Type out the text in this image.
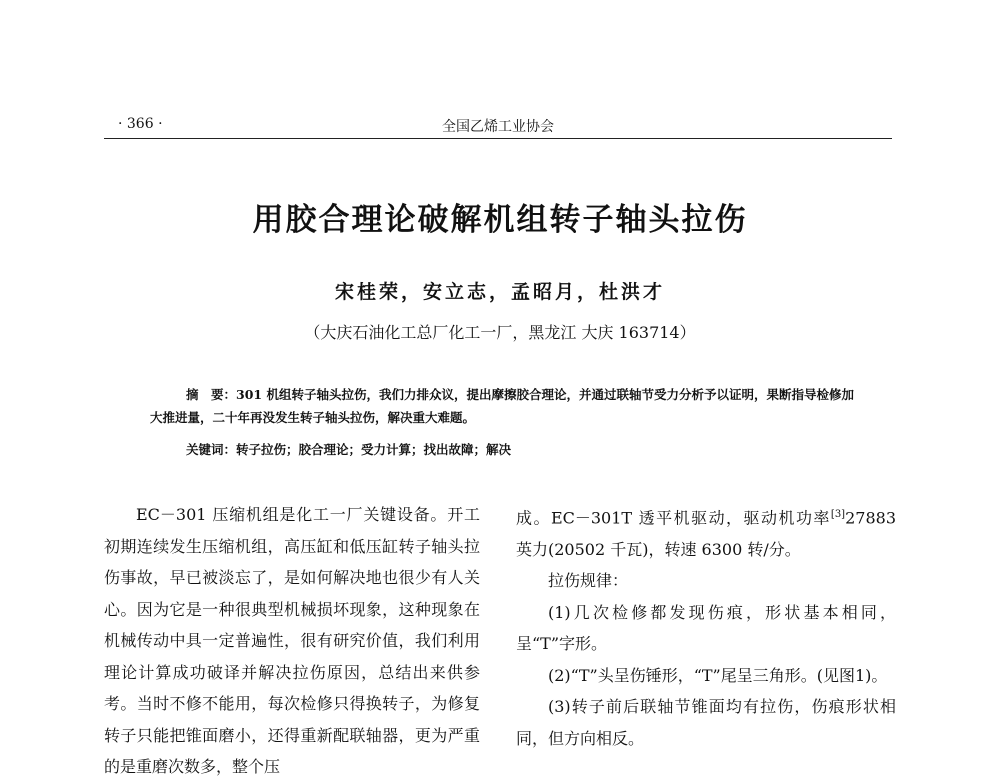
· 366 ·	全国乙烯工业协会
用胶合理论破解机组转子轴头拉伤
宋桂荣，安立志，孟昭月，杜洪才
（大庆石油化工总厂化工一厂，黑龙江 大庆 163714）
摘　要：301 机组转子轴头拉伤，我们力排众议，提出摩擦胶合理论，并通过联轴节受力分析予以证明，果断指导检修加大推进量，二十年再没发生转子轴头拉伤，解决重大难题。
关键词：转子拉伤；胶合理论；受力计算；找出故障；解决

EC－301 压缩机组是化工一厂关键设备。开工初期连续发生压缩机组，高压缸和低压缸转子轴头拉伤事故，早已被淡忘了，是如何解决地也很少有人关心。因为它是一种很典型机械损坏现象，这种现象在机械传动中具一定普遍性，很有研究价值，我们利用理论计算成功破译并解决拉伤原因，总结出来供参考。当时不修不能用，每次检修只得换转子，为修复转子只能把锥面磨小，还得重新配联轴器，更为严重的是重磨次数多，整个压

成。EC－301T 透平机驱动，驱动机功率[3]27883 英力(20502 千瓦)，转速 6300 转/分。

拉伤规律：

(1)几次检修都发现伤痕，形状基本相同，呈“T”字形。

(2)“T”头呈伤锤形，“T”尾呈三角形。(见图1)。

(3)转子前后联轴节锥面均有拉伤，伤痕形状相同，但方向相反。
